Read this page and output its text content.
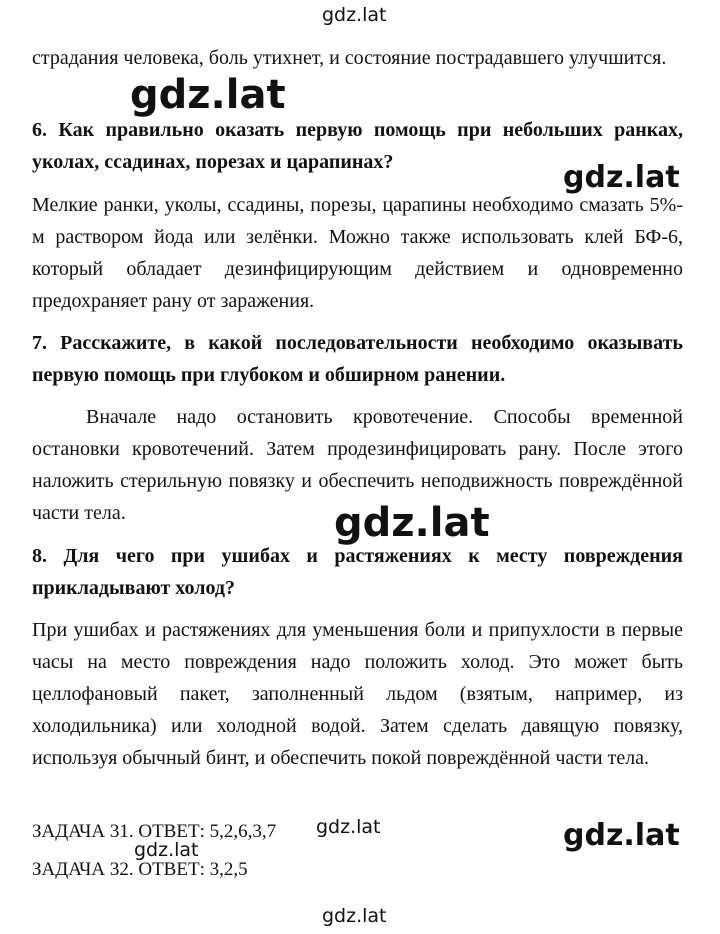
gdz.lat

страдания человека, боль утихнет, и состояние пострадавшего улучшится.

gdz.lat

6. Как правильно оказать первую помощь при небольших ранках, уколах, ссадинах, порезах и царапинах?	gdz.lat

Мелкие ранки, уколы, ссадины, порезы, царапины необходимо смазать 5%-м раствором йода или зелёнки. Можно также использовать клей БФ-6, который обладает дезинфицирующим действием и одновременно предохраняет рану от заражения.

7. Расскажите, в какой последовательности необходимо оказывать первую помощь при глубоком и обширном ранении.

Вначале надо остановить кровотечение. Способы временной остановки кровотечений. Затем продезинфицировать рану. После этого наложить стерильную повязку и обеспечить неподвижность повреждённой части тела.	gdz.lat

8. Для чего при ушибах и растяжениях к месту повреждения прикладывают холод?

При ушибах и растяжениях для уменьшения боли и припухлости в первые часы на место повреждения надо положить холод. Это может быть целлофановый пакет, заполненный льдом (взятым, например, из холодильника) или холодной водой. Затем сделать давящую повязку, используя обычный бинт, и обеспечить покой повреждённой части тела.

ЗАДАЧА 31. ОТВЕТ: 5,2,6,3,7 gdz.lat	gdz.lat

gdz.lat

ЗАДАЧА 32. ОТВЕТ: 3,2,5

gdz.lat
